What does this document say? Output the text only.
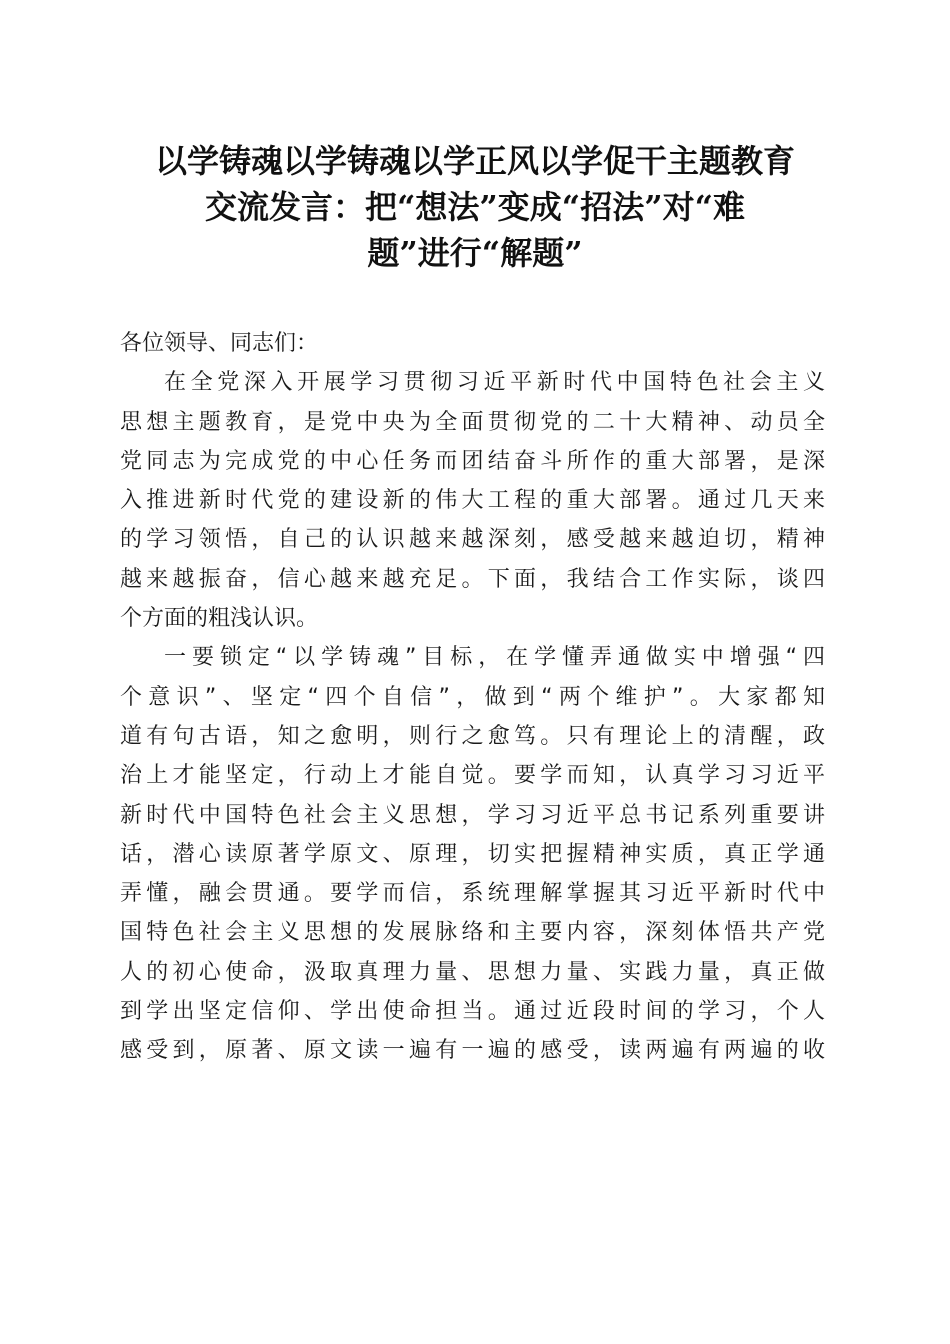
以学铸魂以学铸魂以学正风以学促干主题教育
交流发言：把“想法”变成“招法”对“难
题”进行“解题”

各位领导、同志们：

在全党深入开展学习贯彻习近平新时代中国特色社会主义
思想主题教育，是党中央为全面贯彻党的二十大精神、动员全
党同志为完成党的中心任务而团结奋斗所作的重大部署，是深
入推进新时代党的建设新的伟大工程的重大部署。通过几天来
的学习领悟，自己的认识越来越深刻，感受越来越迫切，精神
越来越振奋，信心越来越充足。下面，我结合工作实际，谈四
个方面的粗浅认识。

一要锁定“以学铸魂”目标，在学懂弄通做实中增强“四
个意识”、坚定“四个自信”，做到“两个维护”。大家都知
道有句古语，知之愈明，则行之愈笃。只有理论上的清醒，政
治上才能坚定，行动上才能自觉。要学而知，认真学习习近平
新时代中国特色社会主义思想，学习习近平总书记系列重要讲
话，潜心读原著学原文、原理，切实把握精神实质，真正学通
弄懂，融会贯通。要学而信，系统理解掌握其习近平新时代中
国特色社会主义思想的发展脉络和主要内容，深刻体悟共产党
人的初心使命，汲取真理力量、思想力量、实践力量，真正做
到学出坚定信仰、学出使命担当。通过近段时间的学习，个人
感受到，原著、原文读一遍有一遍的感受，读两遍有两遍的收
